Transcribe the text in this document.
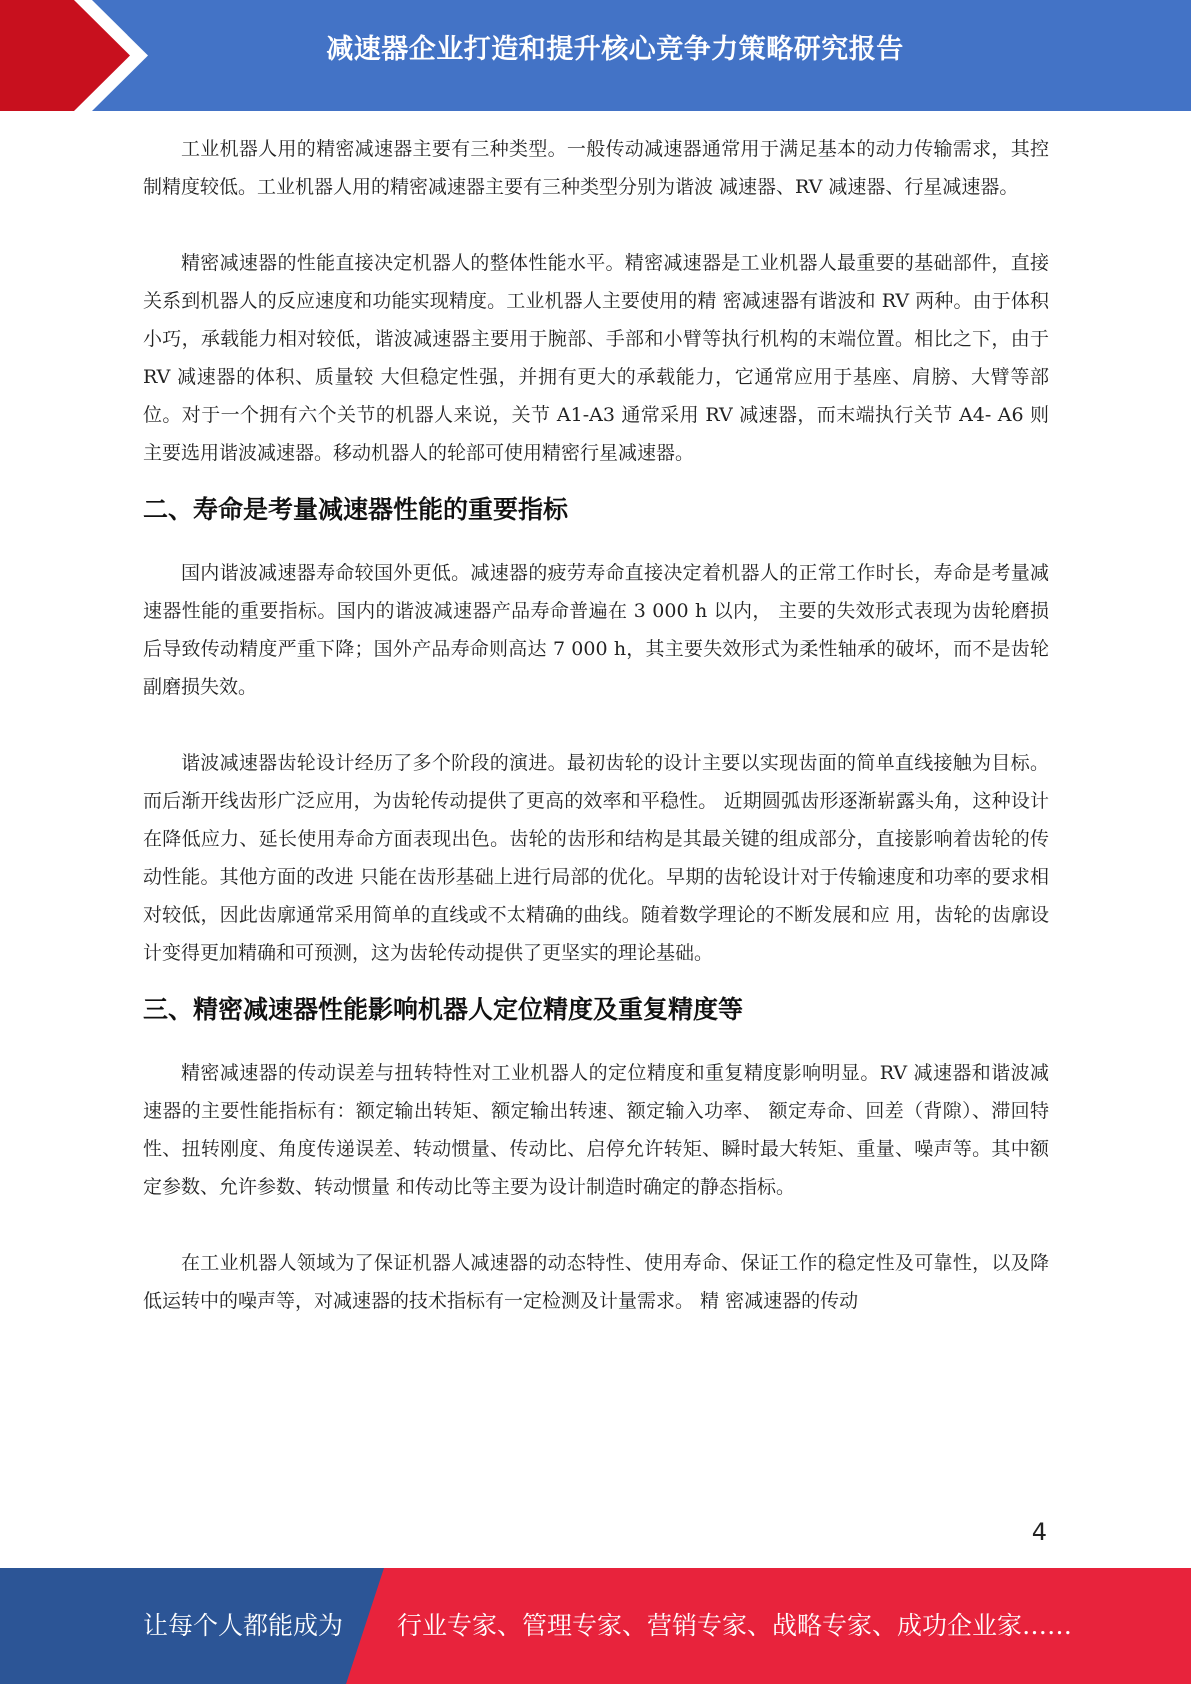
减速器企业打造和提升核心竞争力策略研究报告

工业机器人用的精密减速器主要有三种类型。一般传动减速器通常用于满足基本的动力传输需求，其控制精度较低。工业机器人用的精密减速器主要有三种类型分别为谐波 减速器、RV 减速器、行星减速器。

精密减速器的性能直接决定机器人的整体性能水平。精密减速器是工业机器人最重要的基础部件，直接关系到机器人的反应速度和功能实现精度。工业机器人主要使用的精 密减速器有谐波和 RV 两种。由于体积小巧，承载能力相对较低，谐波减速器主要用于腕部、手部和小臂等执行机构的末端位置。相比之下，由于 RV 减速器的体积、质量较 大但稳定性强，并拥有更大的承载能力，它通常应用于基座、肩膀、大臂等部位。对于一个拥有六个关节的机器人来说，关节 A1-A3 通常采用 RV 减速器，而末端执行关节 A4- A6 则主要选用谐波减速器。移动机器人的轮部可使用精密行星减速器。

二、寿命是考量减速器性能的重要指标

国内谐波减速器寿命较国外更低。减速器的疲劳寿命直接决定着机器人的正常工作时长，寿命是考量减速器性能的重要指标。国内的谐波减速器产品寿命普遍在 3 000 h 以内， 主要的失效形式表现为齿轮磨损后导致传动精度严重下降；国外产品寿命则高达 7 000 h，其主要失效形式为柔性轴承的破坏，而不是齿轮副磨损失效。

谐波减速器齿轮设计经历了多个阶段的演进。最初齿轮的设计主要以实现齿面的简单直线接触为目标。而后渐开线齿形广泛应用，为齿轮传动提供了更高的效率和平稳性。 近期圆弧齿形逐渐崭露头角，这种设计在降低应力、延长使用寿命方面表现出色。齿轮的齿形和结构是其最关键的组成部分，直接影响着齿轮的传动性能。其他方面的改进 只能在齿形基础上进行局部的优化。早期的齿轮设计对于传输速度和功率的要求相对较低，因此齿廓通常采用简单的直线或不太精确的曲线。随着数学理论的不断发展和应 用，齿轮的齿廓设计变得更加精确和可预测，这为齿轮传动提供了更坚实的理论基础。

三、精密减速器性能影响机器人定位精度及重复精度等

精密减速器的传动误差与扭转特性对工业机器人的定位精度和重复精度影响明显。RV 减速器和谐波减速器的主要性能指标有：额定输出转矩、额定输出转速、额定输入功率、 额定寿命、回差（背隙）、滞回特性、扭转刚度、角度传递误差、转动惯量、传动比、启停允许转矩、瞬时最大转矩、重量、噪声等。其中额定参数、允许参数、转动惯量 和传动比等主要为设计制造时确定的静态指标。

在工业机器人领域为了保证机器人减速器的动态特性、使用寿命、保证工作的稳定性及可靠性，以及降低运转中的噪声等，对减速器的技术指标有一定检测及计量需求。 精 密减速器的传动

4
让每个人都能成为 行业专家、管理专家、营销专家、战略专家、成功企业家……
